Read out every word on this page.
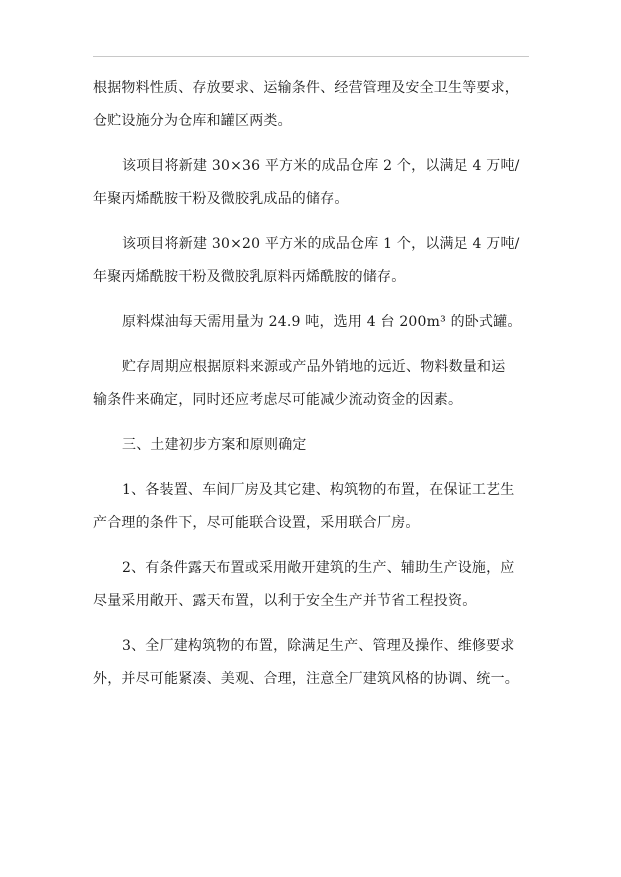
根据物料性质、存放要求、运输条件、经营管理及安全卫生等要求，
仓贮设施分为仓库和罐区两类。

该项目将新建 30×36 平方米的成品仓库 2 个，以满足 4 万吨/
年聚丙烯酰胺干粉及微胶乳成品的储存。

该项目将新建 30×20 平方米的成品仓库 1 个，以满足 4 万吨/
年聚丙烯酰胺干粉及微胶乳原料丙烯酰胺的储存。

原料煤油每天需用量为 24.9 吨，选用 4 台 200m³ 的卧式罐。

贮存周期应根据原料来源或产品外销地的远近、物料数量和运
输条件来确定，同时还应考虑尽可能减少流动资金的因素。

三、土建初步方案和原则确定

1、各装置、车间厂房及其它建、构筑物的布置，在保证工艺生
产合理的条件下，尽可能联合设置，采用联合厂房。

2、有条件露天布置或采用敞开建筑的生产、辅助生产设施，应
尽量采用敞开、露天布置，以利于安全生产并节省工程投资。

3、全厂建构筑物的布置，除满足生产、管理及操作、维修要求
外，并尽可能紧凑、美观、合理，注意全厂建筑风格的协调、统一。
